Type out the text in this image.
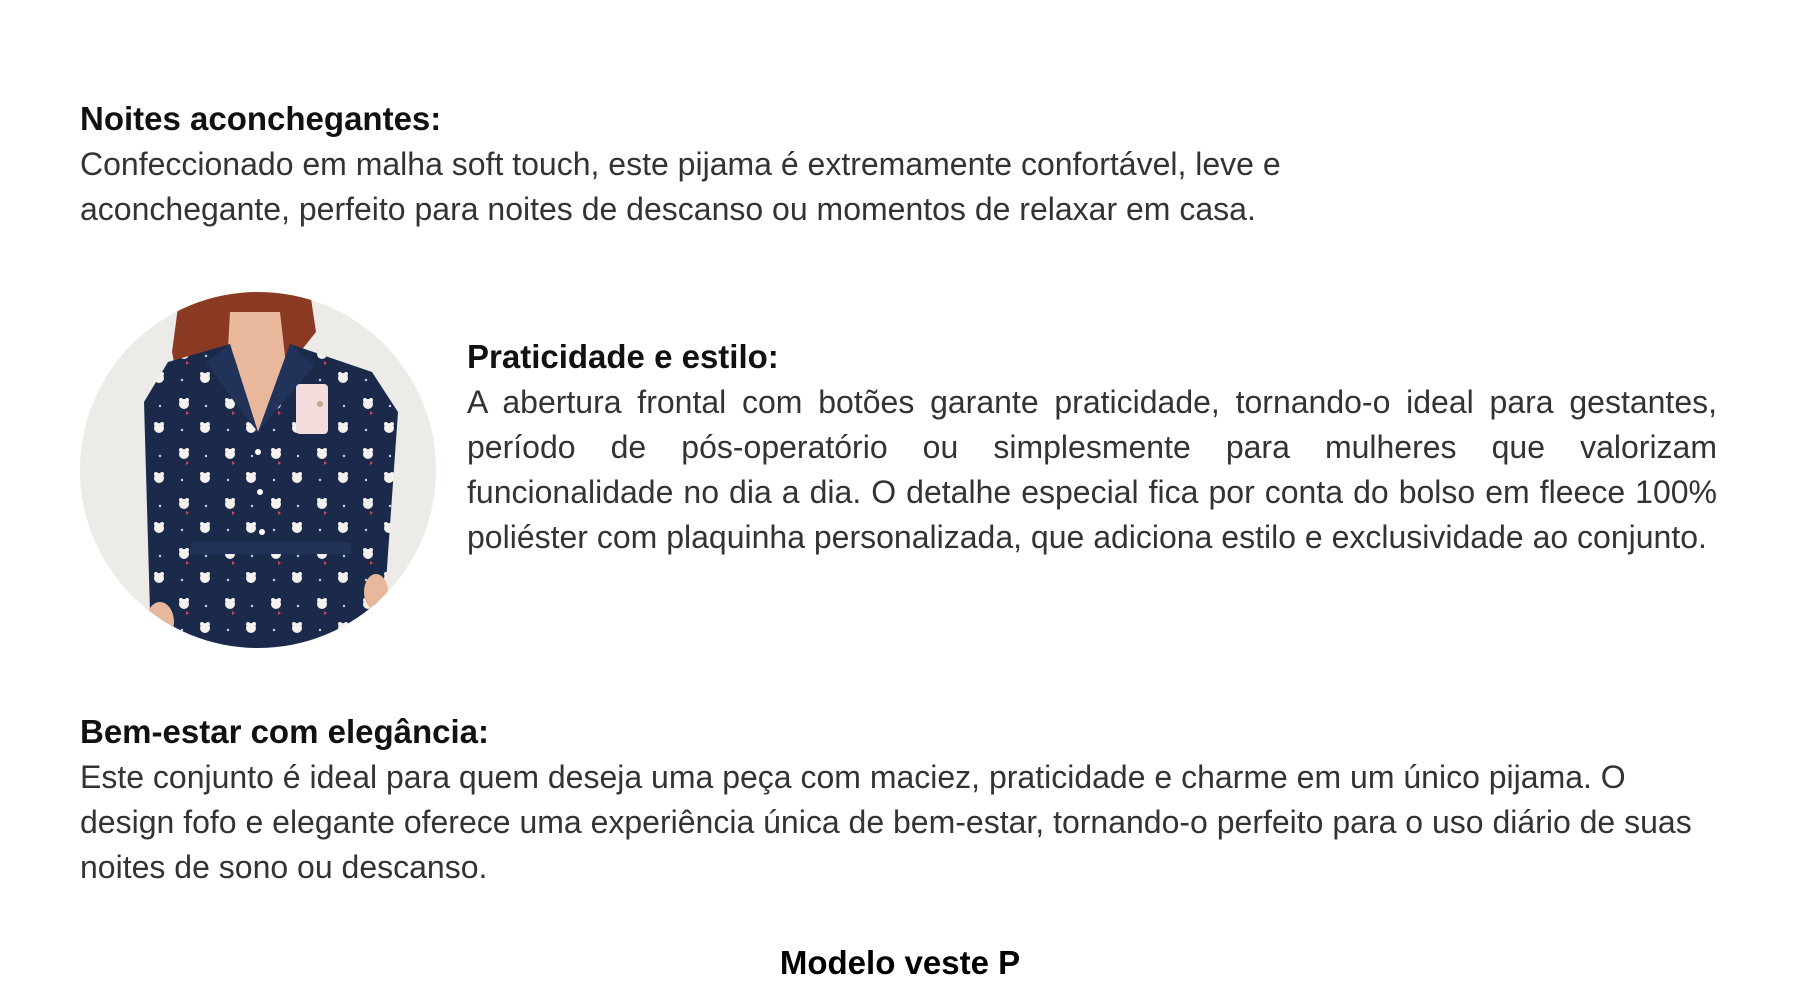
Noites aconchegantes:

Confeccionado em malha soft touch, este pijama é extremamente confortável, leve e aconchegante, perfeito para noites de descanso ou momentos de relaxar em casa.

Praticidade e estilo:

A abertura frontal com botões garante praticidade, tornando-o ideal para gestantes, período de pós-operatório ou simplesmente para mulheres que valorizam funcionalidade no dia a dia. O detalhe especial fica por conta do bolso em fleece 100% poliéster com plaquinha personalizada, que adiciona estilo e exclusividade ao conjunto.

Bem-estar com elegância:

Este conjunto é ideal para quem deseja uma peça com maciez, praticidade e charme em um único pijama. O design fofo e elegante oferece uma experiência única de bem-estar, tornando-o perfeito para o uso diário de suas noites de sono ou descanso.

Modelo veste P
